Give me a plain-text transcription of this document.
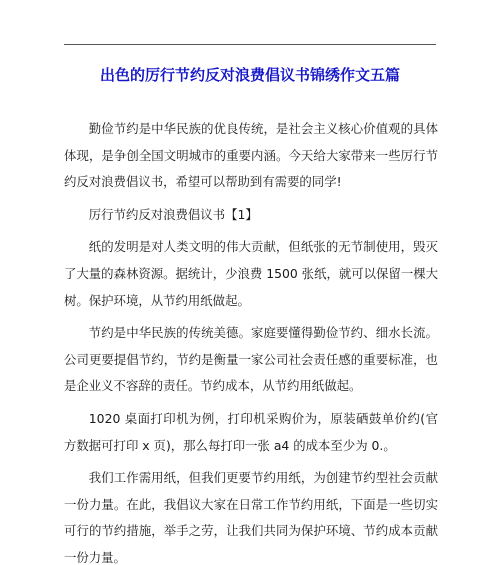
出色的厉行节约反对浪费倡议书锦绣作文五篇

勤俭节约是中华民族的优良传统，是社会主义核心价值观的具体体现，是争创全国文明城市的重要内涵。今天给大家带来一些厉行节约反对浪费倡议书，希望可以帮助到有需要的同学!

厉行节约反对浪费倡议书【1】

纸的发明是对人类文明的伟大贡献，但纸张的无节制使用，毁灭了大量的森林资源。据统计，少浪费 1500 张纸，就可以保留一棵大树。保护环境，从节约用纸做起。

节约是中华民族的传统美德。家庭要懂得勤俭节约、细水长流。公司更要提倡节约，节约是衡量一家公司社会责任感的重要标准，也是企业义不容辞的责任。节约成本，从节约用纸做起。

1020 桌面打印机为例，打印机采购价为，原装硒鼓单价约(官方数据可打印 x 页)，那么每打印一张 a4 的成本至少为 0.。

我们工作需用纸，但我们更要节约用纸，为创建节约型社会贡献一份力量。在此，我倡议大家在日常工作节约用纸，下面是一些切实可行的节约措施，举手之劳，让我们共同为保护环境、节约成本贡献一份力量。
